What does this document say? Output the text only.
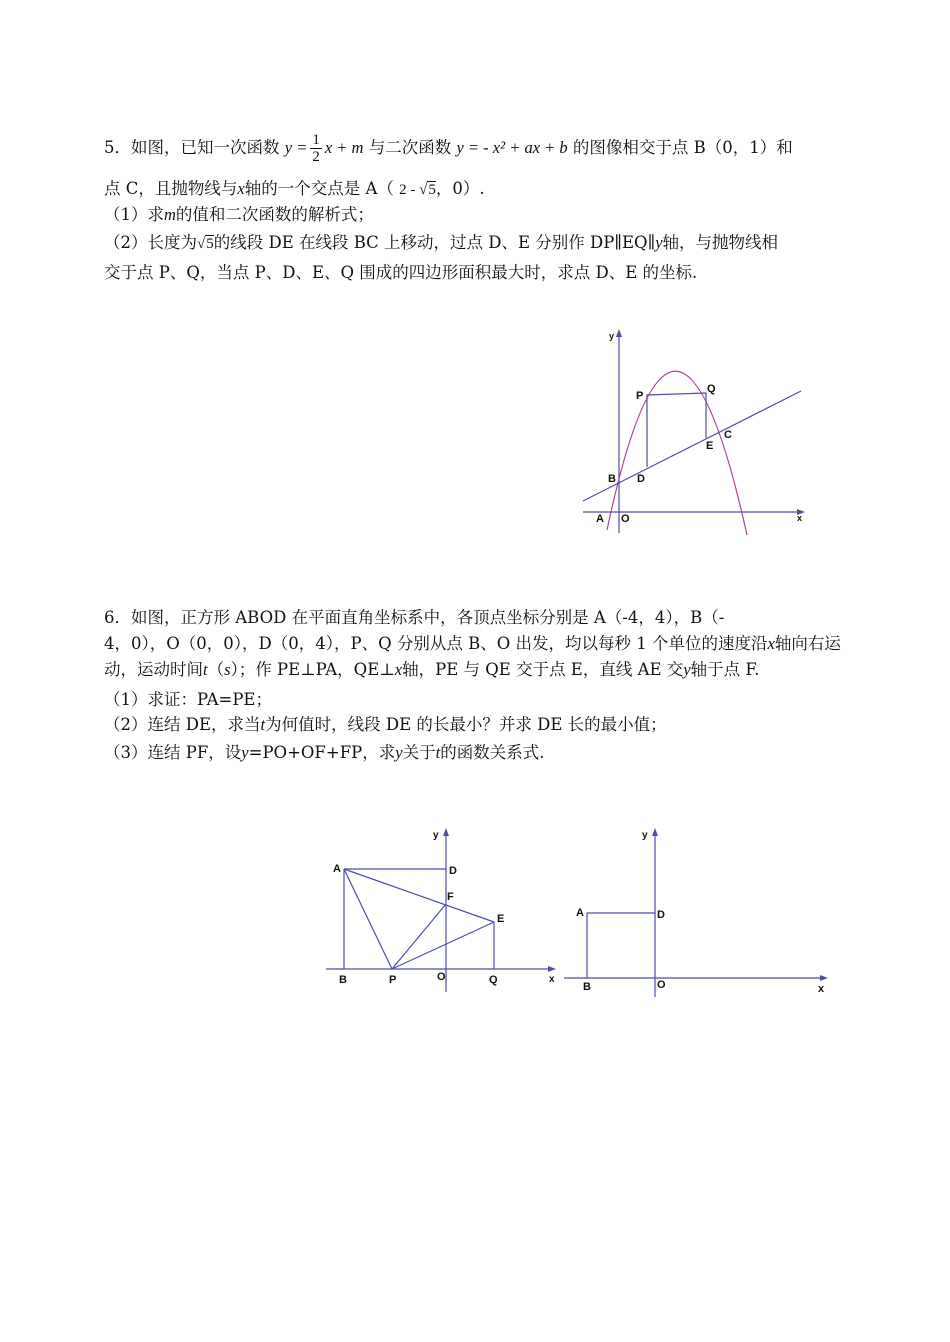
5．如图，已知一次函数 $y = \frac{1}{2}$ x + m 与二次函数 y = - x² + ax + b 的图像相交于点 B（0，1）和
点 C，且抛物线与x轴的一个交点是 A（ 2 - √5，0）.
（1）求m的值和二次函数的解析式；
（2）长度为√5的线段 DE 在线段 BC 上移动，过点 D、E 分别作 DP∥EQ∥y轴，与抛物线相
交于点 P、Q，当点 P、D、E、Q 围成的四边形面积最大时，求点 D、E 的坐标.
y
x
P
Q
E
C
B D
A O
6．如图，正方形 ABOD 在平面直角坐标系中，各顶点坐标分别是 A（-4，4），B（-
4，0），O（0，0），D（0，4），P、Q 分别从点 B、O 出发，均以每秒 1 个单位的速度沿x轴向右运
动，运动时间t（s）；作 PE⊥PA，QE⊥x轴，PE 与 QE 交于点 E，直线 AE 交y轴于点 F.
（1）求证：PA=PE；
（2）连结 DE，求当t为何值时，线段 DE 的长最小？并求 DE 长的最小值；
（3）连结 PF，设y=PO+OF+FP，求y关于t的函数关系式.
y
x
A	D
F
E
B	P	O	Q
y
x
A	D
B	O
